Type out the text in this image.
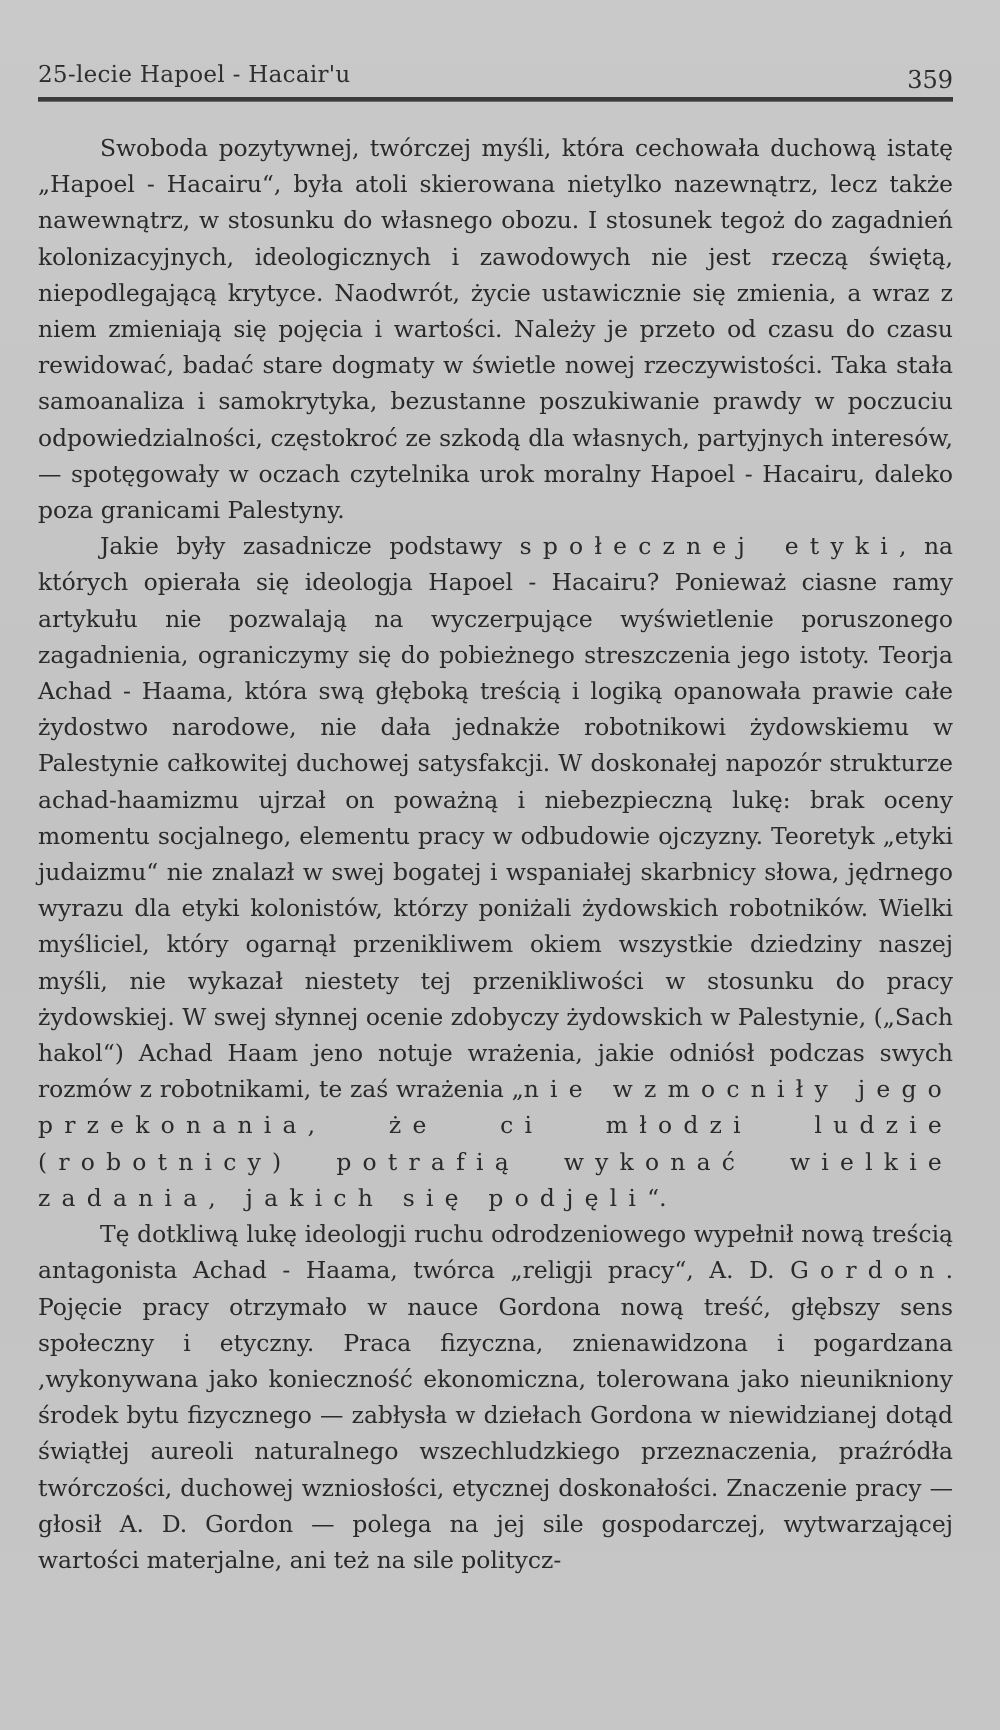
25-lecie Hapoel - Hacair'u	359

Swoboda pozytywnej, twórczej myśli, która cechowała duchową istatę „Hapoel - Hacairu“, była atoli skierowana nietylko nazewnątrz, lecz także nawewnątrz, w stosunku do własnego obozu. I stosunek tegoż do zagadnień kolonizacyjnych, ideologicznych i zawodowych nie jest rzeczą świętą, niepodlegającą krytyce. Naodwrót, życie ustawicznie się zmienia, a wraz z niem zmieniają się pojęcia i wartości. Należy je przeto od czasu do czasu rewidować, badać stare dogmaty w świetle nowej rzeczywistości. Taka stała samoanaliza i samokrytyka, bezustanne poszukiwanie prawdy w poczuciu odpowiedzialności, częstokroć ze szkodą dla własnych, partyjnych interesów, — spotęgowały w oczach czytelnika urok moralny Hapoel - Hacairu, daleko poza granicami Palestyny.

Jakie były zasadnicze podstawy społecznej etyki, na których opierała się ideologja Hapoel - Hacairu? Ponieważ ciasne ramy artykułu nie pozwalają na wyczerpujące wyświetlenie poruszonego zagadnienia, ograniczymy się do pobieżnego streszczenia jego istoty. Teorja Achad - Haama, która swą głęboką treścią i logiką opanowała prawie całe żydostwo narodowe, nie dała jednakże robotnikowi żydowskiemu w Palestynie całkowitej duchowej satysfakcji. W doskonałej napozór strukturze achad-haamizmu ujrzał on poważną i niebezpieczną lukę: brak oceny momentu socjalnego, elementu pracy w odbudowie ojczyzny. Teoretyk „etyki judaizmu“ nie znalazł w swej bogatej i wspaniałej skarbnicy słowa, jędrnego wyrazu dla etyki kolonistów, którzy poniżali żydowskich robotników. Wielki myśliciel, który ogarnął przenikliwem okiem wszystkie dziedziny naszej myśli, nie wykazał niestety tej przenikliwości w stosunku do pracy żydowskiej. W swej słynnej ocenie zdobyczy żydowskich w Palestynie, („Sach hakol“) Achad Haam jeno notuje wrażenia, jakie odniósł podczas swych rozmów z robotnikami, te zaś wrażenia „nie wzmocniły jego przekonania, że ci młodzi ludzie (robotnicy) potrafią wykonać wielkie zadania, jakich się podjęli“.

Tę dotkliwą lukę ideologji ruchu odrodzeniowego wypełnił nową treścią antagonista Achad - Haama, twórca „religji pracy“, A. D. Gordon. Pojęcie pracy otrzymało w nauce Gordona nową treść, głębszy sens społeczny i etyczny. Praca fizyczna, znienawidzona i pogardzana ,wykonywana jako konieczność ekonomiczna, tolerowana jako nieunikniony środek bytu fizycznego — zabłysła w dziełach Gordona w niewidzianej dotąd świątłej aureoli naturalnego wszechludzkiego przeznaczenia, praźródła twórczości, duchowej wzniosłości, etycznej doskonałości. Znaczenie pracy — głosił A. D. Gordon — polega na jej sile gospodarczej, wytwarzającej wartości materjalne, ani też na sile politycz-
